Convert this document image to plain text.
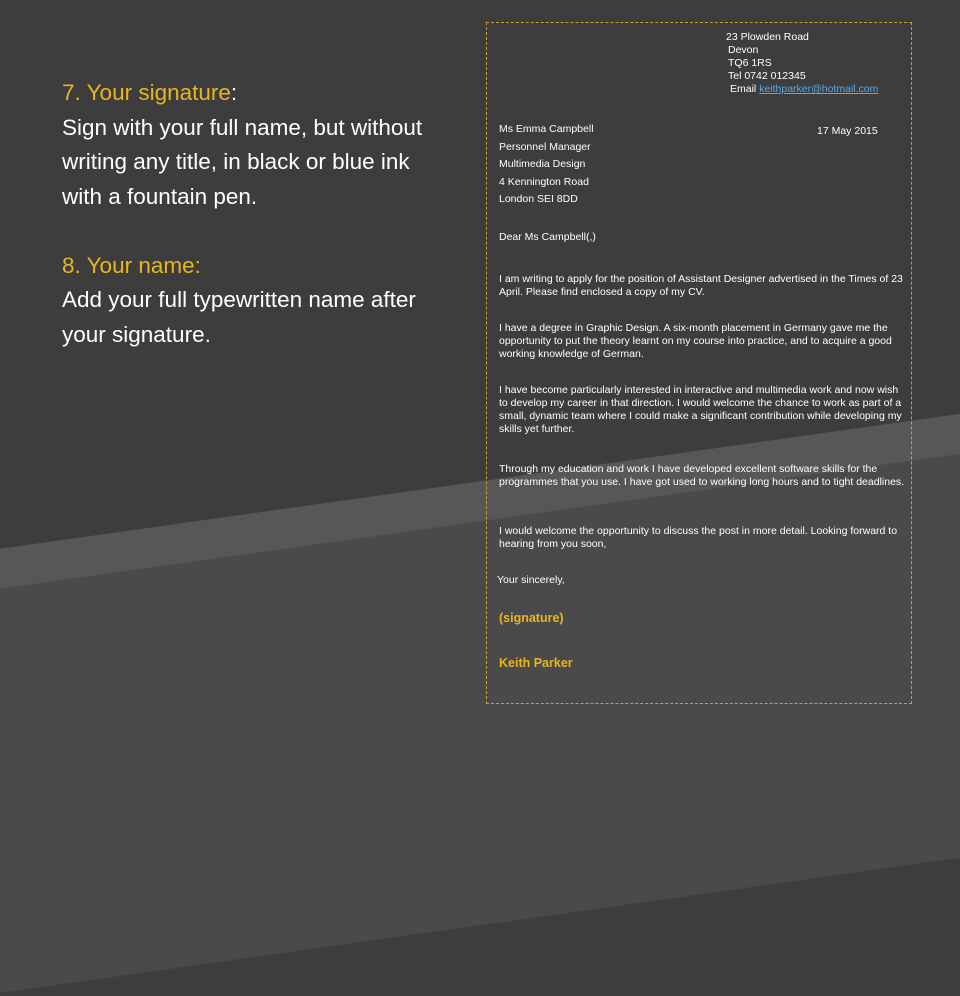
7. Your signature:

Sign with your full name, but without

writing any title, in black or blue ink

with a fountain pen.

8. Your name:

Add your full typewritten name after

your signature.

23 Plowden Road
Devon
TQ6 1RS
Tel 0742 012345
Email keithparker@hotmail.com
Ms Emma Campbell
Personnel Manager
Multimedia Design
4 Kennington Road
London SEI 8DD
17 May 2015
Dear Ms Campbell(,)
I am writing to apply for the position of Assistant Designer advertised in the Times of 23 April. Please find enclosed a copy of my CV.
I have a degree in Graphic Design. A six-month placement in Germany gave me the opportunity to put the theory learnt on my course into practice, and to acquire a good working knowledge of German.
I have become particularly interested in interactive and multimedia work and now wish to develop my career in that direction. I would welcome the chance to work as part of a small, dynamic team where I could make a significant contribution while developing my skills yet further.
Through my education and work I have developed excellent software skills for the programmes that you use. I have got used to working long hours and to tight deadlines.
I would welcome the opportunity to discuss the post in more detail. Looking forward to hearing from you soon,
Your sincerely,
(signature)
Keith Parker
